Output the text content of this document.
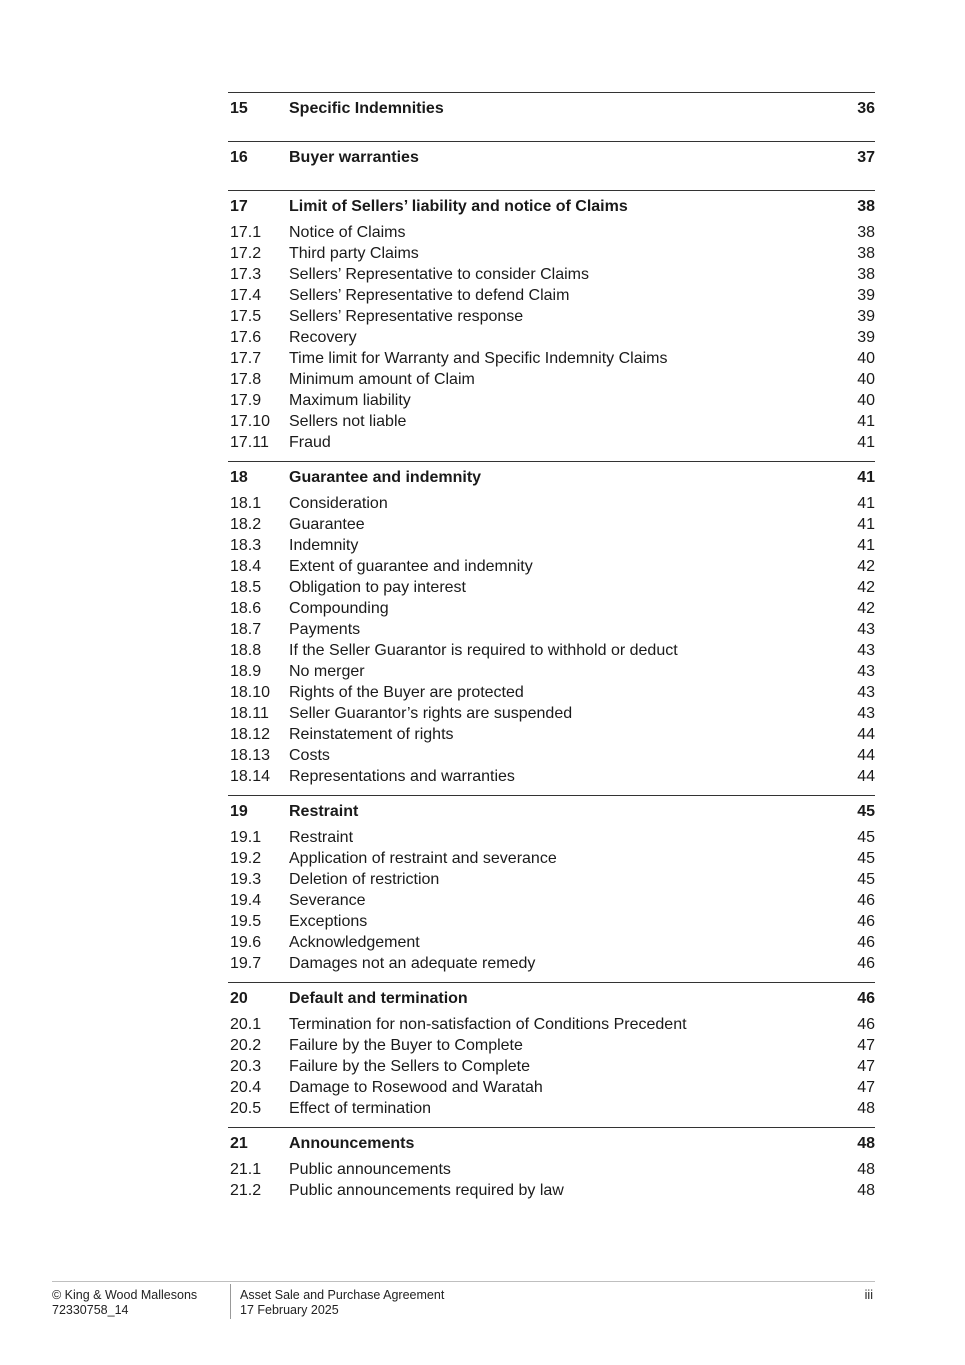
15	Specific Indemnities	36
16	Buyer warranties	37
17	Limit of Sellers’ liability and notice of Claims	38
17.1	Notice of Claims	38
17.2	Third party Claims	38
17.3	Sellers’ Representative to consider Claims	38
17.4	Sellers’ Representative to defend Claim	39
17.5	Sellers’ Representative response	39
17.6	Recovery	39
17.7	Time limit for Warranty and Specific Indemnity Claims	40
17.8	Minimum amount of Claim	40
17.9	Maximum liability	40
17.10	Sellers not liable	41
17.11	Fraud	41
18	Guarantee and indemnity	41
18.1	Consideration	41
18.2	Guarantee	41
18.3	Indemnity	41
18.4	Extent of guarantee and indemnity	42
18.5	Obligation to pay interest	42
18.6	Compounding	42
18.7	Payments	43
18.8	If the Seller Guarantor is required to withhold or deduct	43
18.9	No merger	43
18.10	Rights of the Buyer are protected	43
18.11	Seller Guarantor’s rights are suspended	43
18.12	Reinstatement of rights	44
18.13	Costs	44
18.14	Representations and warranties	44
19	Restraint	45
19.1	Restraint	45
19.2	Application of restraint and severance	45
19.3	Deletion of restriction	45
19.4	Severance	46
19.5	Exceptions	46
19.6	Acknowledgement	46
19.7	Damages not an adequate remedy	46
20	Default and termination	46
20.1	Termination for non-satisfaction of Conditions Precedent	46
20.2	Failure by the Buyer to Complete	47
20.3	Failure by the Sellers to Complete	47
20.4	Damage to Rosewood and Waratah	47
20.5	Effect of termination	48
21	Announcements	48
21.1	Public announcements	48
21.2	Public announcements required by law	48
© King & Wood Mallesons
72330758_14
Asset Sale and Purchase Agreement
17 February 2025
iii
